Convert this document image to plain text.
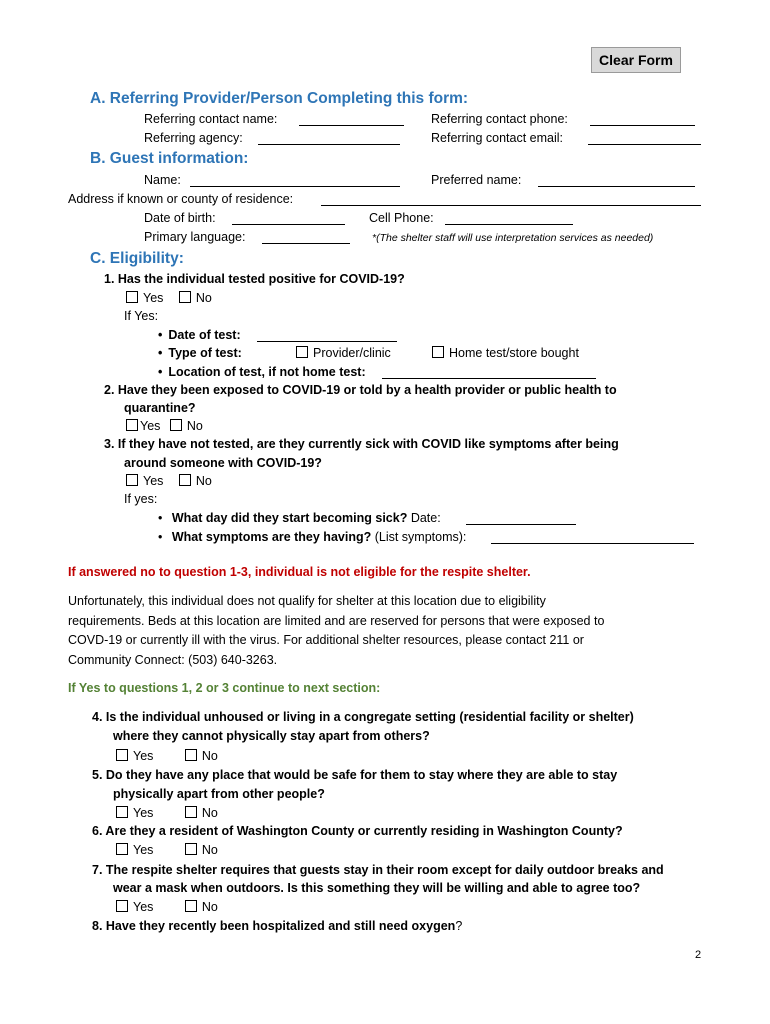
Clear Form
A. Referring Provider/Person Completing this form:
Referring contact name:	Referring contact phone:
Referring agency:	Referring contact email:
B. Guest information:
Name:	Preferred name:
Address if known or county of residence:
Date of birth:	Cell Phone:
Primary language:	*(The shelter staff will use interpretation services as needed)
C. Eligibility:
1. Has the individual tested positive for COVID-19?
Yes	No
If Yes:
• Date of test:
• Type of test:	Provider/clinic	Home test/store bought
• Location of test, if not home test:
2. Have they been exposed to COVID-19 or told by a health provider or public health to
quarantine?
Yes No
3. If they have not tested, are they currently sick with COVID like symptoms after being
around someone with COVID-19?
Yes	No
If yes:
• What day did they start becoming sick? Date:
• What symptoms are they having? (List symptoms):
If answered no to question 1-3, individual is not eligible for the respite shelter.
Unfortunately, this individual does not qualify for shelter at this location due to eligibility
requirements. Beds at this location are limited and are reserved for persons that were exposed to
COVD-19 or currently ill with the virus. For additional shelter resources, please contact 211 or
Community Connect: (503) 640-3263.
If Yes to questions 1, 2 or 3 continue to next section:
4. Is the individual unhoused or living in a congregate setting (residential facility or shelter)
where they cannot physically stay apart from others?
Yes	No
5. Do they have any place that would be safe for them to stay where they are able to stay
physically apart from other people?
Yes	No
6. Are they a resident of Washington County or currently residing in Washington County?
Yes	No
7. The respite shelter requires that guests stay in their room except for daily outdoor breaks and
wear a mask when outdoors. Is this something they will be willing and able to agree too?
Yes	No
8. Have they recently been hospitalized and still need oxygen?
2
